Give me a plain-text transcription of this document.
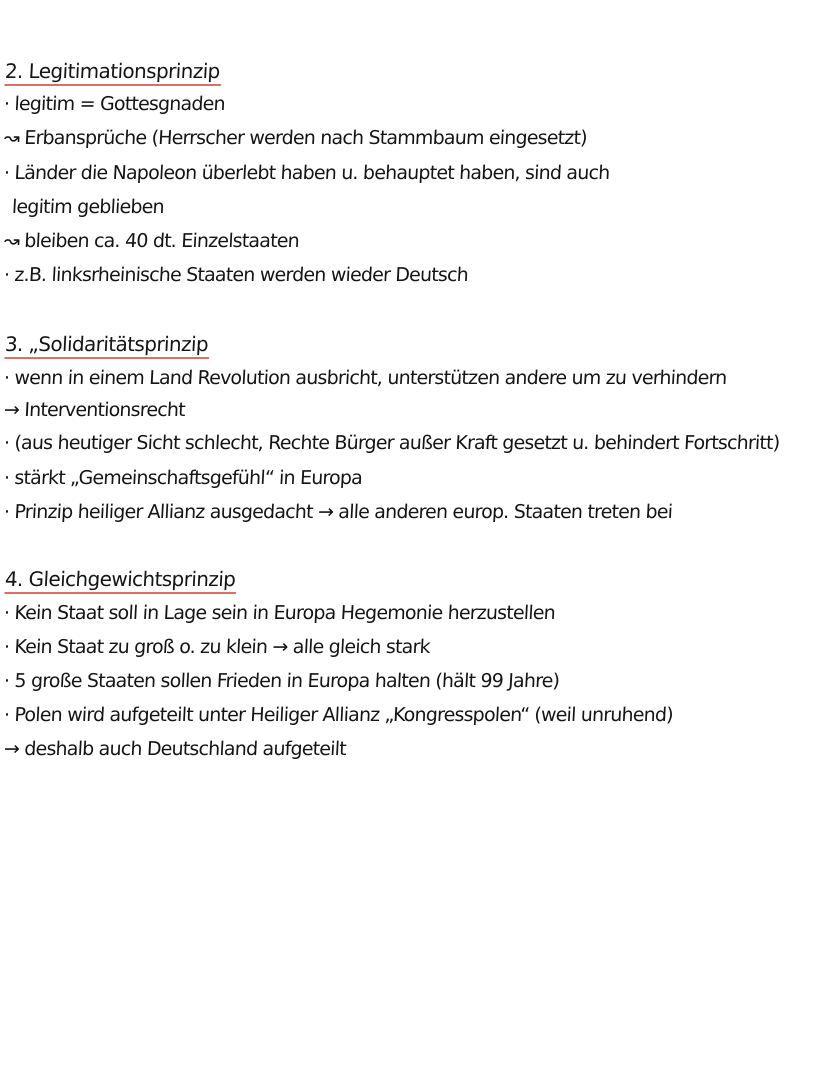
2. Legitimationsprinzip
· legitim = Gottesgnaden
↝ Erbansprüche (Herrscher werden nach Stammbaum eingesetzt)
· Länder die Napoleon überlebt haben u. behauptet haben, sind auch
legitim geblieben
↝ bleiben ca. 40 dt. Einzelstaaten
· z.B. linksrheinische Staaten werden wieder Deutsch
3. „Solidaritätsprinzip
· wenn in einem Land Revolution ausbricht, unterstützen andere um zu verhindern
→ Interventionsrecht
· (aus heutiger Sicht schlecht, Rechte Bürger außer Kraft gesetzt u. behindert Fortschritt)
· stärkt „Gemeinschaftsgefühl“ in Europa
· Prinzip heiliger Allianz ausgedacht → alle anderen europ. Staaten treten bei
4. Gleichgewichtsprinzip
· Kein Staat soll in Lage sein in Europa Hegemonie herzustellen
· Kein Staat zu groß o. zu klein → alle gleich stark
· 5 große Staaten sollen Frieden in Europa halten (hält 99 Jahre)
· Polen wird aufgeteilt unter Heiliger Allianz „Kongresspolen“ (weil unruhend)
→ deshalb auch Deutschland aufgeteilt
